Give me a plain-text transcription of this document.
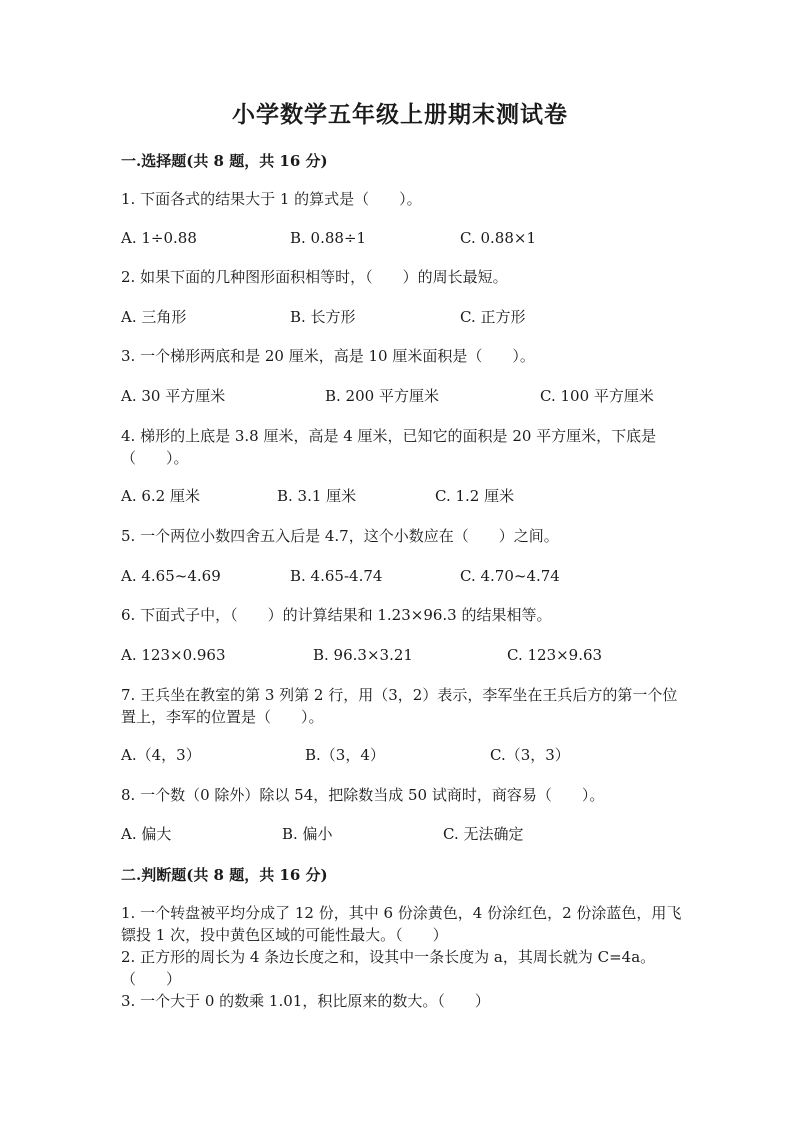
小学数学五年级上册期末测试卷
一.选择题(共 8 题，共 16 分)
1. 下面各式的结果大于 1 的算式是（　　）。
A. 1÷0.88	B. 0.88÷1	C. 0.88×1
2. 如果下面的几种图形面积相等时，（　　）的周长最短。
A. 三角形	B. 长方形	C. 正方形
3. 一个梯形两底和是 20 厘米，高是 10 厘米面积是（　　）。
A. 30 平方厘米	B. 200 平方厘米	C. 100 平方厘米
4. 梯形的上底是 3.8 厘米，高是 4 厘米，已知它的面积是 20 平方厘米，下底是（　　）。
A. 6.2 厘米	B. 3.1 厘米	C. 1.2 厘米
5. 一个两位小数四舍五入后是 4.7，这个小数应在（　　）之间。
A. 4.65~4.69	B. 4.65-4.74	C. 4.70~4.74
6. 下面式子中，（　　）的计算结果和 1.23×96.3 的结果相等。
A. 123×0.963	B. 96.3×3.21	C. 123×9.63
7. 王兵坐在教室的第 3 列第 2 行，用（3，2）表示，李军坐在王兵后方的第一个位置上，李军的位置是（　　）。
A.（4，3）	B.（3，4）	C.（3，3）
8. 一个数（0 除外）除以 54，把除数当成 50 试商时，商容易（　　）。
A. 偏大	B. 偏小	C. 无法确定
二.判断题(共 8 题，共 16 分)
1. 一个转盘被平均分成了 12 份，其中 6 份涂黄色，4 份涂红色，2 份涂蓝色，用飞镖投 1 次，投中黄色区域的可能性最大。（　　）
2. 正方形的周长为 4 条边长度之和，设其中一条长度为 a，其周长就为 C=4a。（　　）
3. 一个大于 0 的数乘 1.01，积比原来的数大。（　　）
